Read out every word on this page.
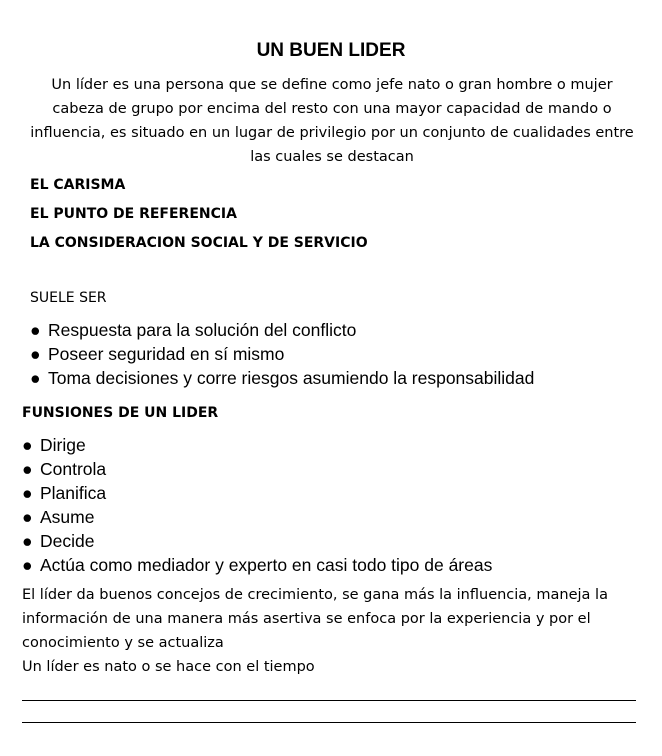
UN BUEN LIDER
Un líder es una persona que se define como jefe nato o gran hombre o mujer cabeza de grupo por encima del resto con una mayor capacidad de mando o influencia, es situado en un lugar de privilegio por un conjunto de cualidades entre las cuales se destacan

EL CARISMA

EL PUNTO DE REFERENCIA

LA CONSIDERACION SOCIAL Y DE SERVICIO

SUELE SER
● Respuesta para la solución del conflicto
● Poseer seguridad en sí mismo
● Toma decisiones y corre riesgos asumiendo la responsabilidad
FUNSIONES DE UN LIDER
● Dirige
● Controla
● Planifica
● Asume
● Decide
● Actúa como mediador y experto en casi todo tipo de áreas
El líder da buenos concejos de crecimiento, se gana más la influencia, maneja la información de una manera más asertiva se enfoca por la experiencia y por el conocimiento y se actualiza
Un líder es nato o se hace con el tiempo
